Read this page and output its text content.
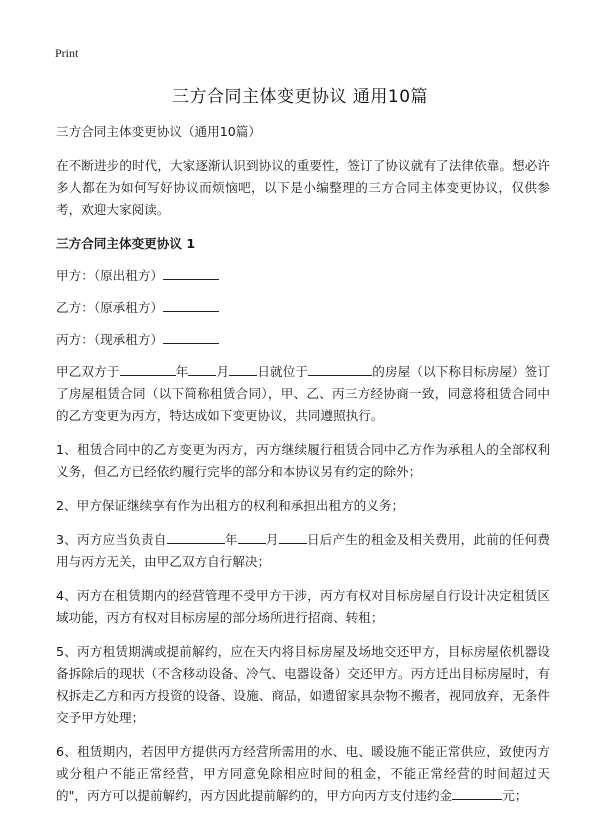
Print
三方合同主体变更协议 通用10篇

三方合同主体变更协议（通用10篇）

在不断进步的时代，大家逐渐认识到协议的重要性，签订了协议就有了法律依靠。想必许多人都在为如何写好协议而烦恼吧，以下是小编整理的三方合同主体变更协议，仅供参考，欢迎大家阅读。

三方合同主体变更协议 1

甲方：（原出租方）

乙方：（原承租方）

丙方：（现承租方）

甲乙双方于	年 月 日就位于	的房屋（以下称目标房屋）签订了房屋租赁合同（以下简称租赁合同），甲、乙、丙三方经协商一致，同意将租赁合同中的乙方变更为丙方，特达成如下变更协议，共同遵照执行。

1、租赁合同中的乙方变更为丙方，丙方继续履行租赁合同中乙方作为承租人的全部权利义务，但乙方已经依约履行完毕的部分和本协议另有约定的除外；

2、甲方保证继续享有作为出租方的权利和承担出租方的义务；

3、丙方应当负责自	年 月 日后产生的租金及相关费用，此前的任何费用与丙方无关，由甲乙双方自行解决；

4、丙方在租赁期内的经营管理不受甲方干涉，丙方有权对目标房屋自行设计决定租赁区域功能，丙方有权对目标房屋的部分场所进行招商、转租；

5、丙方租赁期满或提前解约，应在天内将目标房屋及场地交还甲方，目标房屋依机器设备拆除后的现状（不含移动设备、冷气、电器设备）交还甲方。丙方迁出目标房屋时，有权拆走乙方和丙方投资的设备、设施、商品，如遗留家具杂物不搬者，视同放弃，无条件交予甲方处理；

6、租赁期内，若因甲方提供丙方经营所需用的水、电、暖设施不能正常供应，致使丙方或分租户不能正常经营，甲方同意免除相应时间的租金，不能正常经营的时间超过天的"，丙方可以提前解约，丙方因此提前解约的，甲方向丙方支付违约金	元；
